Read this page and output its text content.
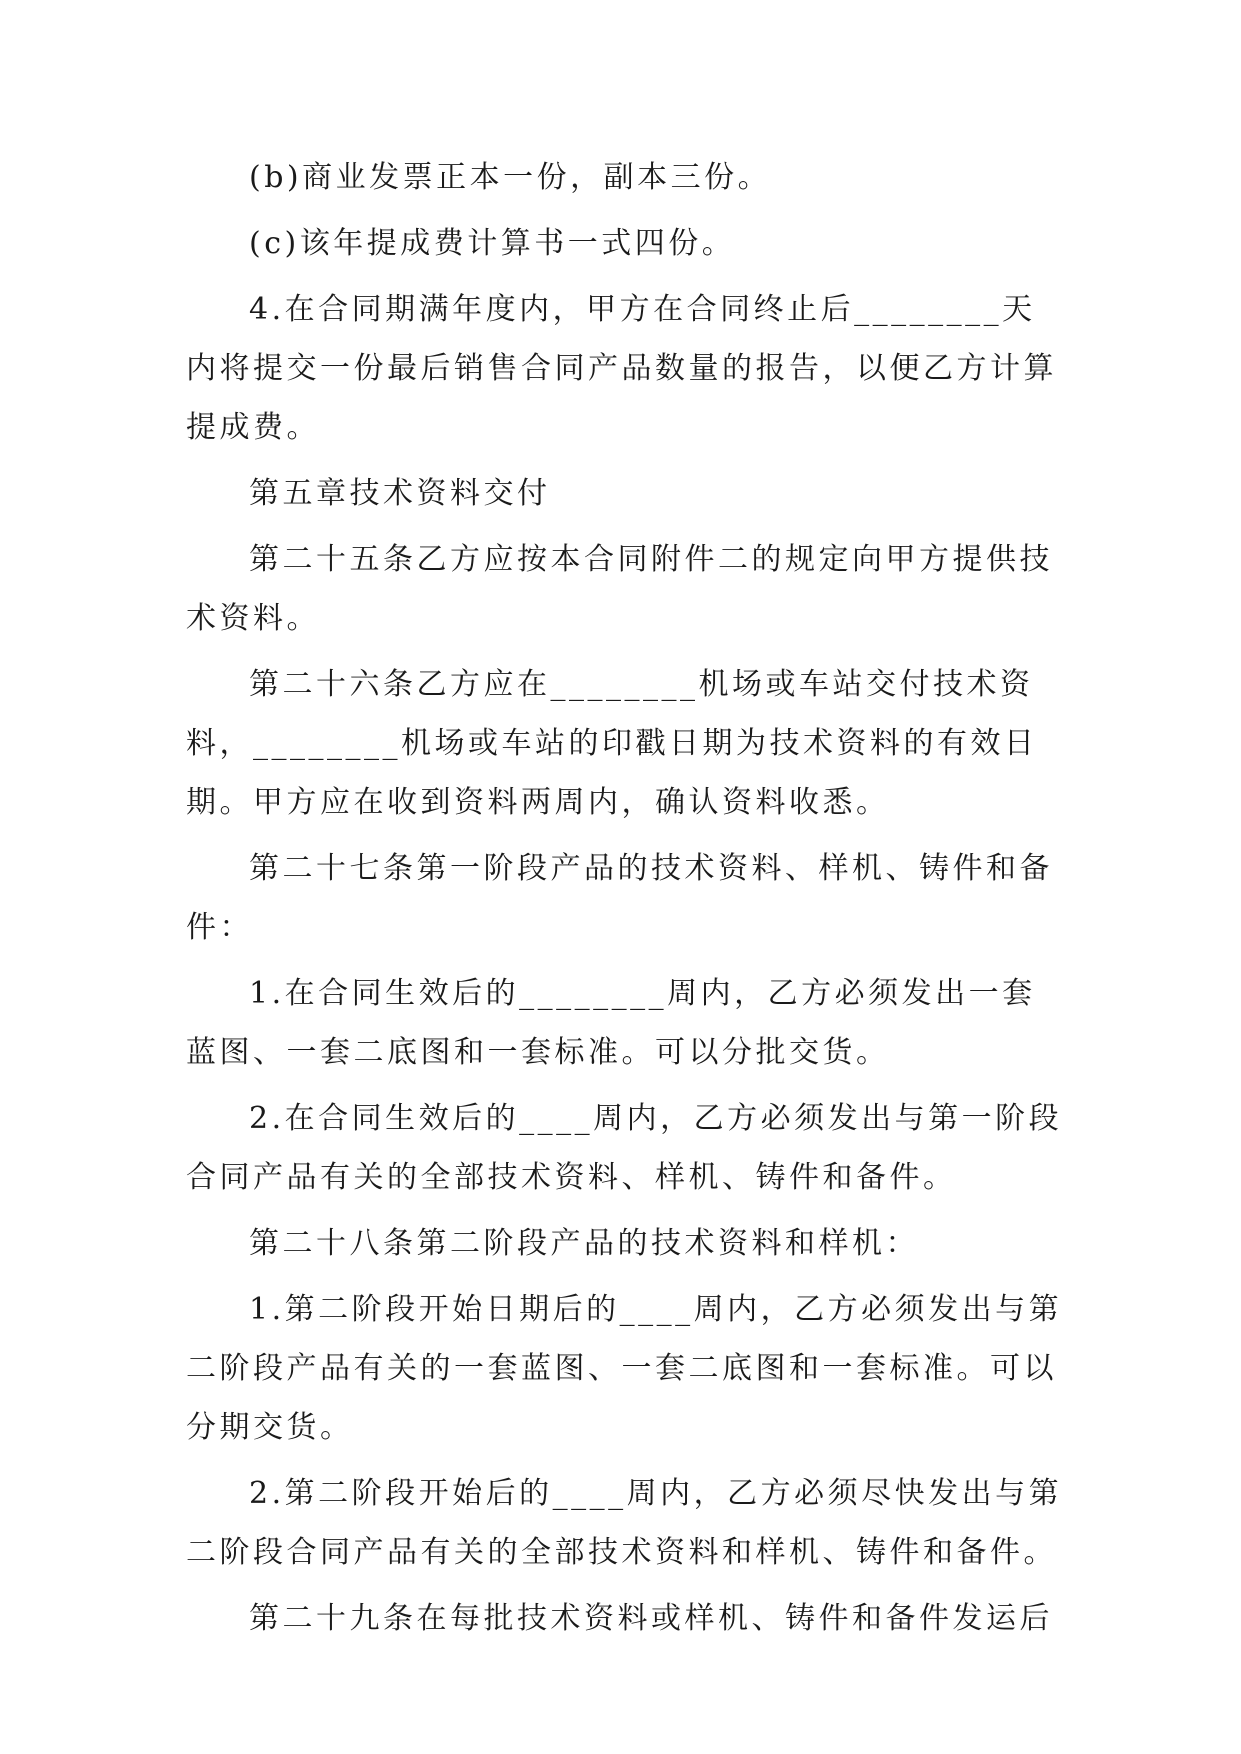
(b)商业发票正本一份，副本三份。

(c)该年提成费计算书一式四份。

4.在合同期满年度内，甲方在合同终止后________天内将提交一份最后销售合同产品数量的报告，以便乙方计算提成费。

第五章技术资料交付

第二十五条乙方应按本合同附件二的规定向甲方提供技术资料。

第二十六条乙方应在________机场或车站交付技术资料，________机场或车站的印戳日期为技术资料的有效日期。甲方应在收到资料两周内，确认资料收悉。

第二十七条第一阶段产品的技术资料、样机、铸件和备件：

1.在合同生效后的________周内，乙方必须发出一套蓝图、一套二底图和一套标准。可以分批交货。

2.在合同生效后的____周内，乙方必须发出与第一阶段合同产品有关的全部技术资料、样机、铸件和备件。

第二十八条第二阶段产品的技术资料和样机：

1.第二阶段开始日期后的____周内，乙方必须发出与第二阶段产品有关的一套蓝图、一套二底图和一套标准。可以分期交货。

2.第二阶段开始后的____周内，乙方必须尽快发出与第二阶段合同产品有关的全部技术资料和样机、铸件和备件。

第二十九条在每批技术资料或样机、铸件和备件发运后
